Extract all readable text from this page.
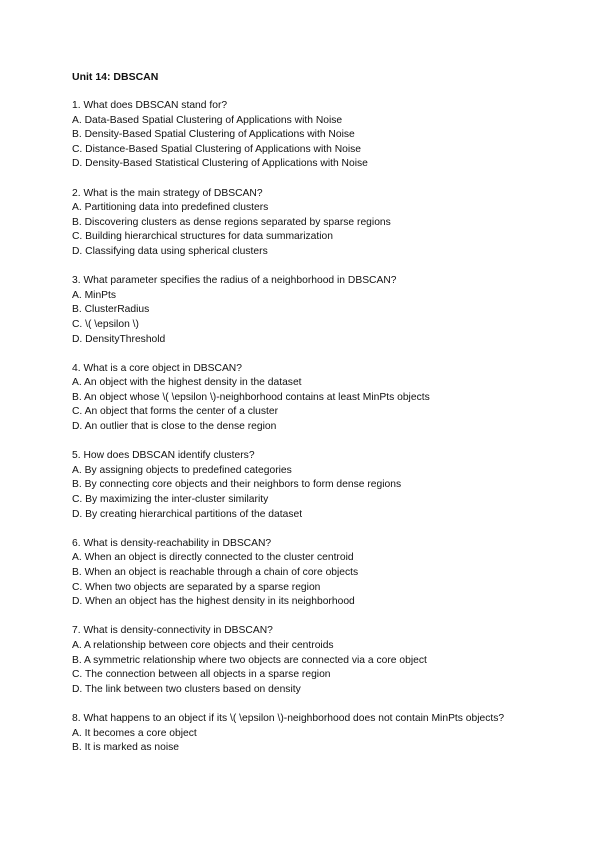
Unit 14: DBSCAN

1. What does DBSCAN stand for?

A. Data-Based Spatial Clustering of Applications with Noise

B. Density-Based Spatial Clustering of Applications with Noise

C. Distance-Based Spatial Clustering of Applications with Noise

D. Density-Based Statistical Clustering of Applications with Noise

2. What is the main strategy of DBSCAN?

A. Partitioning data into predefined clusters

B. Discovering clusters as dense regions separated by sparse regions

C. Building hierarchical structures for data summarization

D. Classifying data using spherical clusters

3. What parameter specifies the radius of a neighborhood in DBSCAN?

A. MinPts

B. ClusterRadius

C. \( \epsilon \)

D. DensityThreshold

4. What is a core object in DBSCAN?

A. An object with the highest density in the dataset

B. An object whose \( \epsilon \)-neighborhood contains at least MinPts objects

C. An object that forms the center of a cluster

D. An outlier that is close to the dense region

5. How does DBSCAN identify clusters?

A. By assigning objects to predefined categories

B. By connecting core objects and their neighbors to form dense regions

C. By maximizing the inter-cluster similarity

D. By creating hierarchical partitions of the dataset

6. What is density-reachability in DBSCAN?

A. When an object is directly connected to the cluster centroid

B. When an object is reachable through a chain of core objects

C. When two objects are separated by a sparse region

D. When an object has the highest density in its neighborhood

7. What is density-connectivity in DBSCAN?

A. A relationship between core objects and their centroids

B. A symmetric relationship where two objects are connected via a core object

C. The connection between all objects in a sparse region

D. The link between two clusters based on density

8. What happens to an object if its \( \epsilon \)-neighborhood does not contain MinPts objects?

A. It becomes a core object

B. It is marked as noise
